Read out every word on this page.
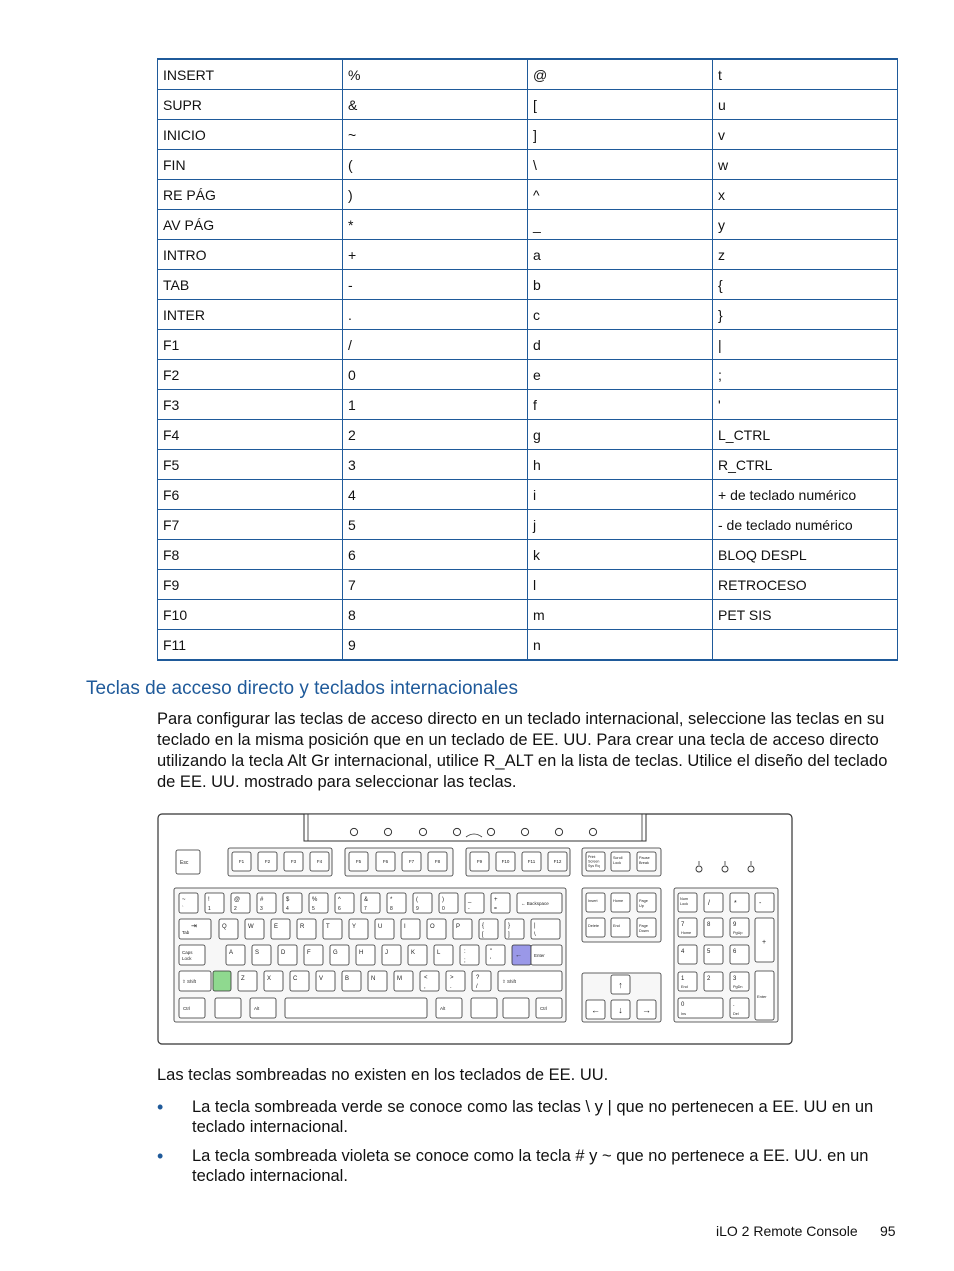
INSERT	%	@	t
SUPR	&	[	u
INICIO	~	]	v
FIN	(	\	w
RE PÁG	)	^	x
AV PÁG	*	_	y
INTRO	+	a	z
TAB	-	b	{
INTER	.	c	}
F1	/	d	|
F2	0	e	;
F3	1	f	'
F4	2	g	L_CTRL
F5	3	h	R_CTRL
F6	4	i	+ de teclado numérico
F7	5	j	- de teclado numérico
F8	6	k	BLOQ DESPL
F9	7	l	RETROCESO
F10	8	m	PET SIS
F11	9	n	
Teclas de acceso directo y teclados internacionales

Para configurar las teclas de acceso directo en un teclado internacional, seleccione las teclas en su teclado en la misma posición que en un teclado de EE. UU. Para crear una tecla de acceso directo utilizando la tecla Alt Gr internacional, utilice R_ALT en la lista de teclas. Utilice el diseño del teclado de EE. UU. mostrado para seleccionar las teclas.

Esc	F1	F2	F3	F4	F5	F6	F7	F8	F9	F10	F11	F12
Print
Screen
Sys Rq
Scroll
Lock
Pause
Break
~
`
!
1
@
2
#
3
$
4
%
5
^
6
&
7
*
8
(
9
)
0
_
-
+
=
← Backspace
Tab
⇥	Q	W	E	R	T	Y	U	I	O	P	{
[
}
]
|
\
Caps
Lock
A	S	D	F	G	H	J	K	L	:
;
"
'
←	Enter
⇧ Shift	Z	X	C	V	B	N	M	<
,
>
.
?
/
⇧ Shift
Ctrl	Alt	Alt	Ctrl
Insert	Home	Page
Up
Delete	End	Page
Down
↑
← ↓ →
Num
Lock	/	*	-
+
Enter
7
Home
8	9
PgUp
4	5	6
1
End
2	3
PgDn
0
Ins
.
Del

Las teclas sombreadas no existen en los teclados de EE. UU.

• La tecla sombreada verde se conoce como las teclas \ y | que no pertenecen a EE. UU en un teclado internacional.
• La tecla sombreada violeta se conoce como la tecla # y ~ que no pertenece a EE. UU. en un teclado internacional.
iLO 2 Remote Console 95
